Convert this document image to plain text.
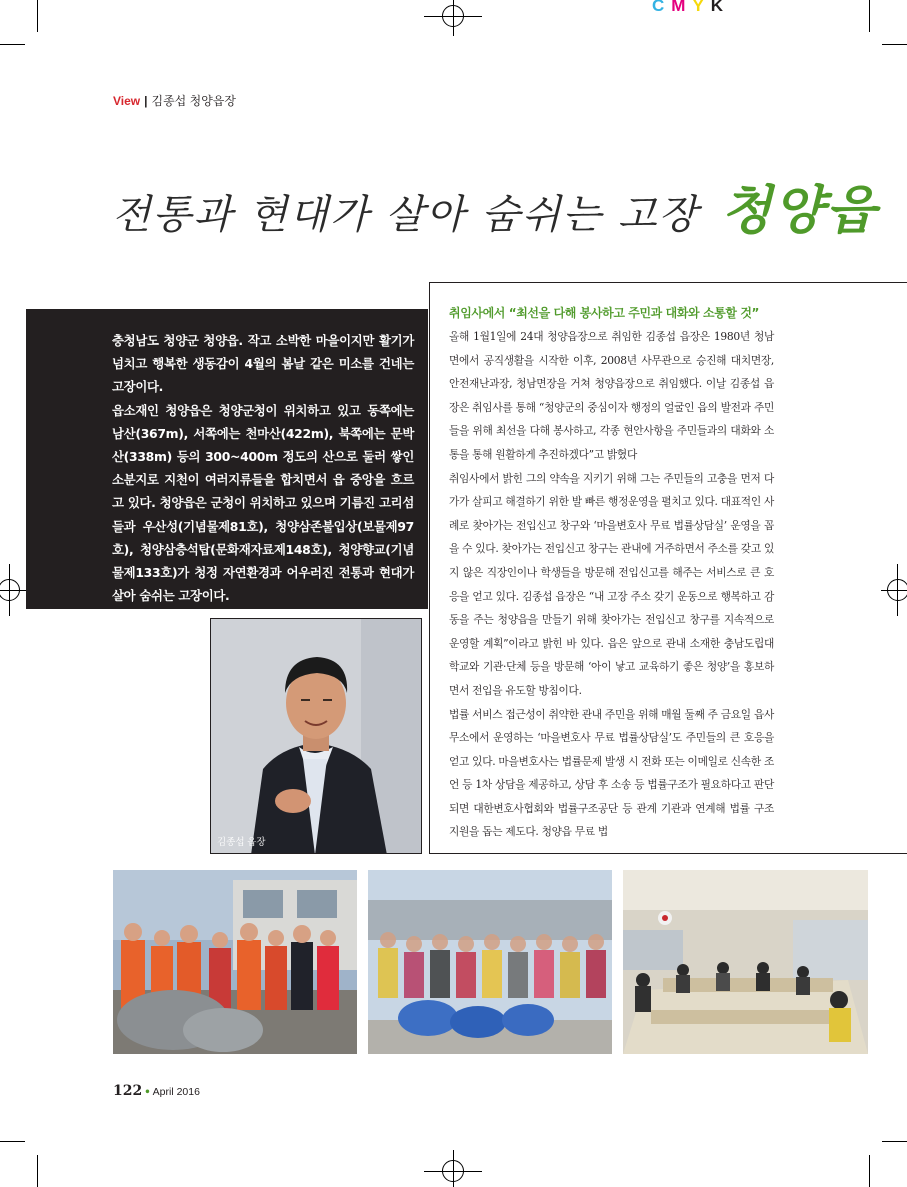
CMYK
View | 김종섭 청양읍장
전통과 현대가 살아 숨쉬는 고장 청양읍

충청남도 청양군 청양읍. 작고 소박한 마을이지만 활기가 넘치고 행복한 생동감이 4월의 봄날 같은 미소를 건네는 고장이다.

읍소재인 청양읍은 청양군청이 위치하고 있고 동쪽에는 남산(367m), 서쪽에는 천마산(422m), 북쪽에는 문박산(338m) 등의 300~400m 정도의 산으로 둘러 쌓인 소분지로 지천이 여러지류들을 합치면서 읍 중앙을 흐르고 있다. 청양읍은 군청이 위치하고 있으며 기름진 고리섬들과 우산성(기념물제81호), 청양삼존불입상(보물제97호), 청양삼층석탑(문화재자료제148호), 청양향교(기념물제133호)가 청정 자연환경과 어우러진 전통과 현대가 살아 숨쉬는 고장이다.

취임사에서 “최선을 다해 봉사하고 주민과 대화와 소통할 것”

올해 1월1일에 24대 청양읍장으로 취임한 김종섭 읍장은 1980년 청남면에서 공직생활을 시작한 이후, 2008년 사무관으로 승진해 대치면장, 안전재난과장, 청남면장을 거쳐 청양읍장으로 취임했다. 이날 김종섭 읍장은 취임사를 통해 “청양군의 중심이자 행정의 얼굴인 읍의 발전과 주민들을 위해 최선을 다해 봉사하고, 각종 현안사항을 주민들과의 대화와 소통을 통해 원활하게 추진하겠다”고 밝혔다

취임사에서 밝힌 그의 약속을 지키기 위해 그는 주민들의 고충을 먼저 다가가 살피고 해결하기 위한 발 빠른 행정운영을 펼치고 있다. 대표적인 사례로 찾아가는 전입신고 창구와 ‘마을변호사 무료 법률상담실’ 운영을 꼽을 수 있다. 찾아가는 전입신고 창구는 관내에 거주하면서 주소를 갖고 있지 않은 직장인이나 학생들을 방문해 전입신고를 해주는 서비스로 큰 호응을 얻고 있다. 김종섭 읍장은 “내 고장 주소 갖기 운동으로 행복하고 감동을 주는 청양읍을 만들기 위해 찾아가는 전입신고 창구를 지속적으로 운영할 계획”이라고 밝힌 바 있다. 읍은 앞으로 관내 소재한 충남도립대학교와 기관·단체 등을 방문해 ‘아이 낳고 교육하기 좋은 청양’을 홍보하면서 전입을 유도할 방침이다.

법률 서비스 접근성이 취약한 관내 주민을 위해 매월 둘째 주 금요일 읍사무소에서 운영하는 ‘마을변호사 무료 법률상담실’도 주민들의 큰 호응을 얻고 있다. 마을변호사는 법률문제 발생 시 전화 또는 이메일로 신속한 조언 등 1차 상담을 제공하고, 상담 후 소송 등 법률구조가 필요하다고 판단되면 대한변호사협회와 법률구조공단 등 관계 기관과 연계해 법률 구조지원을 돕는 제도다. 청양읍 무료 법

김종섭 읍장
122 • April 2016
